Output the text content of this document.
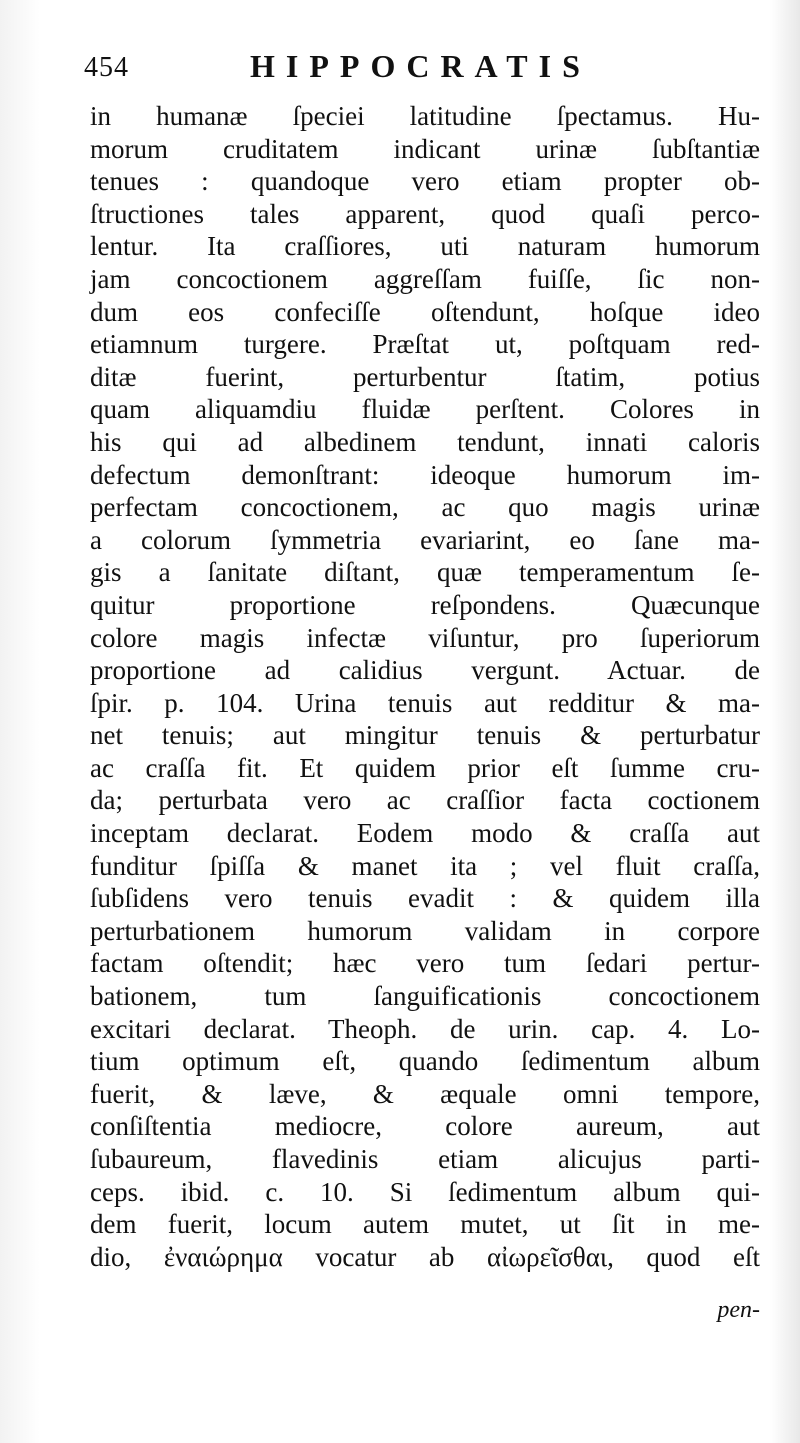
454	HIPPOCRATIS
in humanæ ſpeciei latitudine ſpectamus. Hu-
morum cruditatem indicant urinæ ſubſtantiæ
tenues : quandoque vero etiam propter ob-
ſtructiones tales apparent, quod quaſi perco-
lentur. Ita craſſiores, uti naturam humorum
jam concoctionem aggreſſam fuiſſe, ſic non-
dum eos confeciſſe oſtendunt, hoſque ideo
etiamnum turgere. Præſtat ut, poſtquam red-
ditæ fuerint, perturbentur ſtatim, potius
quam aliquamdiu fluidæ perſtent. Colores in
his qui ad albedinem tendunt, innati caloris
defectum demonſtrant: ideoque humorum im-
perfectam concoctionem, ac quo magis urinæ
a colorum ſymmetria evariarint, eo ſane ma-
gis a ſanitate diſtant, quæ temperamentum ſe-
quitur proportione reſpondens. Quæcunque
colore magis infectæ viſuntur, pro ſuperiorum
proportione ad calidius vergunt. Actuar. de
ſpir. p. 104. Urina tenuis aut redditur & ma-
net tenuis; aut mingitur tenuis & perturbatur
ac craſſa fit. Et quidem prior eſt ſumme cru-
da; perturbata vero ac craſſior facta coctionem
inceptam declarat. Eodem modo & craſſa aut
funditur ſpiſſa & manet ita ; vel fluit craſſa,
ſubſidens vero tenuis evadit : & quidem illa
perturbationem humorum validam in corpore
factam oſtendit; hæc vero tum ſedari pertur-
bationem, tum ſanguificationis concoctionem
excitari declarat. Theoph. de urin. cap. 4. Lo-
tium optimum eſt, quando ſedimentum album
fuerit, & læve, & æquale omni tempore,
conſiſtentia mediocre, colore aureum, aut
ſubaureum, flavedinis etiam alicujus parti-
ceps. ibid. c. 10. Si ſedimentum album qui-
dem fuerit, locum autem mutet, ut ſit in me-
dio, ἐναιώρημα vocatur ab αἰωρεῖσθαι, quod eſt
pen-
